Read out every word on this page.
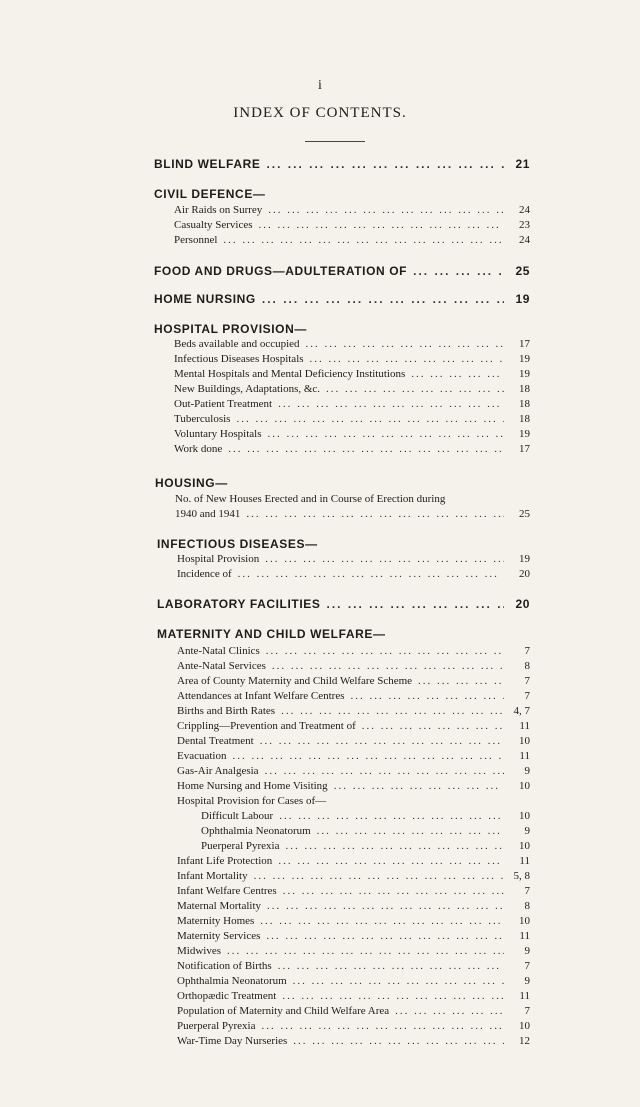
i
INDEX OF CONTENTS.
BLIND WELFARE ... .	21
CIVIL DEFENCE—
Air Raids on Surrey ... .	24
Casualty Services ... .	23
Personnel ... .	24
FOOD AND DRUGS—ADULTERATION OF ... .	25
HOME NURSING ... .	19
HOSPITAL PROVISION—
Beds available and occupied ... .	17
Infectious Diseases Hospitals ... .	19
Mental Hospitals and Mental Deficiency Institutions ... .	19
New Buildings, Adaptations, &c. ... .	18
Out-Patient Treatment ... .	18
Tuberculosis ... .	18
Voluntary Hospitals ... .	19
Work done ... .	17
HOUSING—
No. of New Houses Erected and in Course of Erection during
1940 and 1941 ... .	25
INFECTIOUS DISEASES—
Hospital Provision ... .	19
Incidence of ... .	20
LABORATORY FACILITIES ... .	20
MATERNITY AND CHILD WELFARE—
Ante-Natal Clinics ... .	7
Ante-Natal Services ... .	8
Area of County Maternity and Child Welfare Scheme ... .	7
Attendances at Infant Welfare Centres ... .	7
Births and Birth Rates ... .	4, 7
Crippling—Prevention and Treatment of ... .	11
Dental Treatment ... .	10
Evacuation ... .	11
Gas-Air Analgesia ... .	9
Home Nursing and Home Visiting ... .	10
Hospital Provision for Cases of—
Difficult Labour ... .	10
Ophthalmia Neonatorum ... .	9
Puerperal Pyrexia ... .	10
Infant Life Protection ... .	11
Infant Mortality ... .	5, 8
Infant Welfare Centres ... .	7
Maternal Mortality ... .	8
Maternity Homes ... .	10
Maternity Services ... .	11
Midwives ... .	9
Notification of Births ... .	7
Ophthalmia Neonatorum ... .	9
Orthopædic Treatment ... .	11
Population of Maternity and Child Welfare Area ... .	7
Puerperal Pyrexia ... .	10
War-Time Day Nurseries ... .	12
